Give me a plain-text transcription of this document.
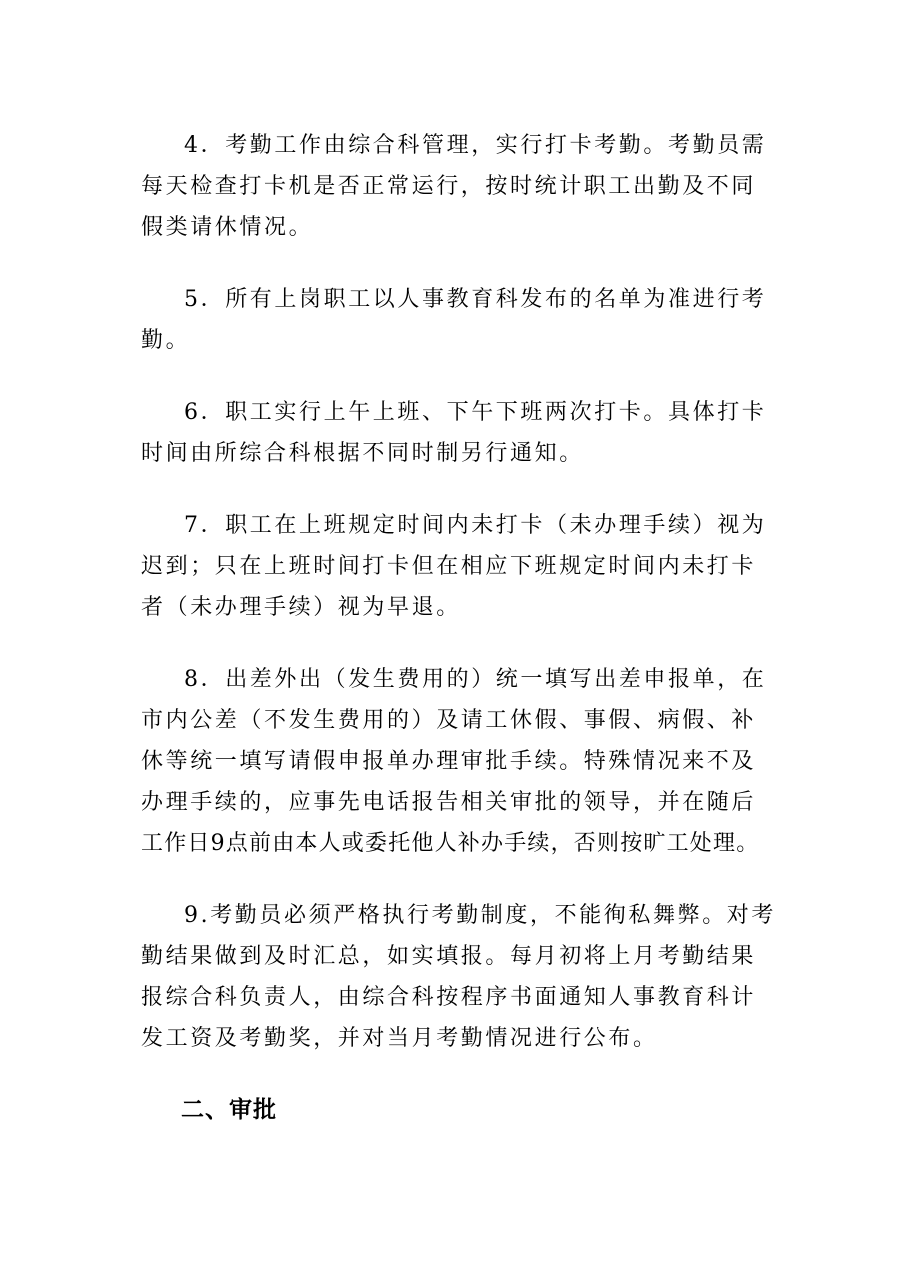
4．考勤工作由综合科管理，实行打卡考勤。考勤员需
每天检查打卡机是否正常运行，按时统计职工出勤及不同
假类请休情况。
5．所有上岗职工以人事教育科发布的名单为准进行考
勤。
6．职工实行上午上班、下午下班两次打卡。具体打卡
时间由所综合科根据不同时制另行通知。
7．职工在上班规定时间内未打卡（未办理手续）视为
迟到；只在上班时间打卡但在相应下班规定时间内未打卡
者（未办理手续）视为早退。
8．出差外出（发生费用的）统一填写出差申报单，在
市内公差（不发生费用的）及请工休假、事假、病假、补
休等统一填写请假申报单办理审批手续。特殊情况来不及
办理手续的，应事先电话报告相关审批的领导，并在随后
工作日9点前由本人或委托他人补办手续，否则按旷工处理。
9.考勤员必须严格执行考勤制度，不能徇私舞弊。对考
勤结果做到及时汇总，如实填报。每月初将上月考勤结果
报综合科负责人，由综合科按程序书面通知人事教育科计
发工资及考勤奖，并对当月考勤情况进行公布。
二、审批
